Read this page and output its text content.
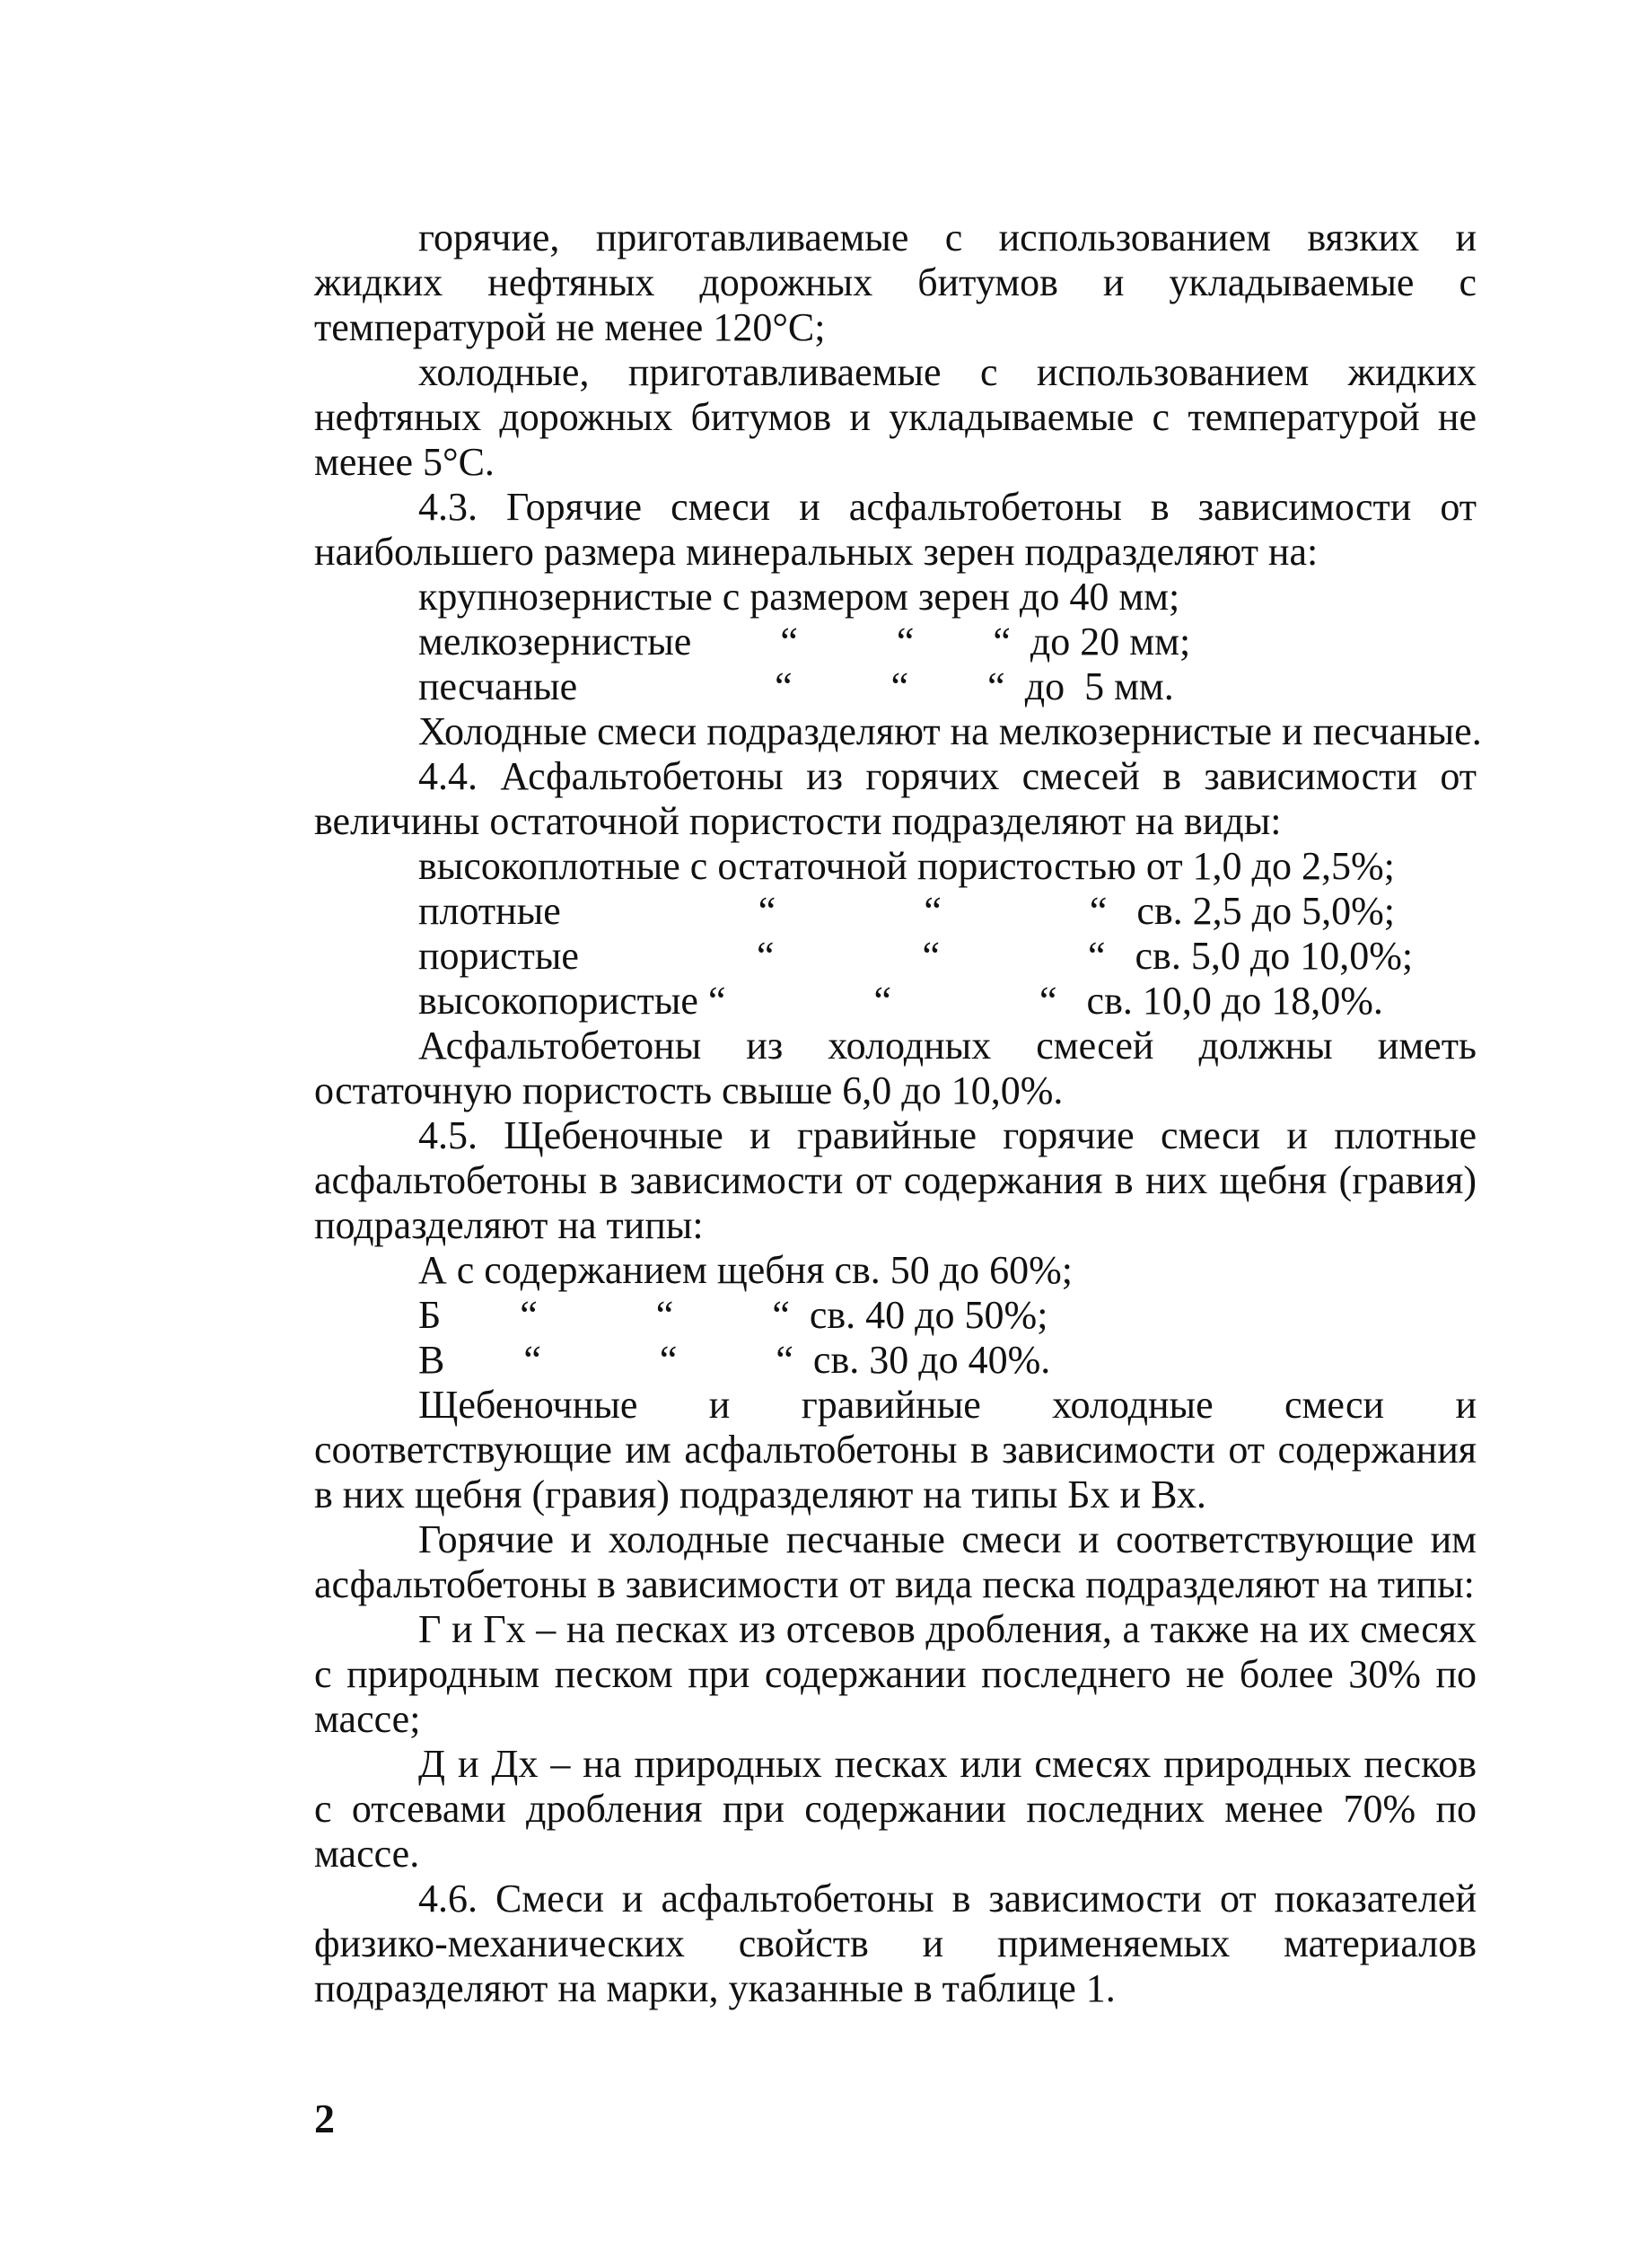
горячие, приготавливаемые с использованием вязких и жидких нефтяных дорожных битумов и укладываемые с температурой не менее 120°С;

холодные, приготавливаемые с использованием жидких нефтяных дорожных битумов и укладываемые с температурой не менее 5°С.

4.3. Горячие смеси и асфальтобетоны в зависимости от наибольшего размера минеральных зерен подразделяют на:

крупнозернистые с размером зерен до 40 мм;

мелкозернистые         “          “        “  до 20 мм;

песчаные                    “          “        “  до  5 мм.

Холодные смеси подразделяют на мелкозернистые и песчаные.

4.4. Асфальтобетоны из горячих смесей в зависимости от величины остаточной пористости подразделяют на виды:

высокоплотные с остаточной пористостью от 1,0 до 2,5%;

плотные                    “               “               “   св. 2,5 до 5,0%;

пористые                  “               “               “   св. 5,0 до 10,0%;

высокопористые “               “               “   св. 10,0 до 18,0%.

Асфальтобетоны из холодных смесей должны иметь остаточную пористость свыше 6,0 до 10,0%.

4.5. Щебеночные и гравийные горячие смеси и плотные асфальтобетоны в зависимости от содержания в них щебня (гравия) подразделяют на типы:

А с содержанием щебня св. 50 до 60%;

Б        “            “          “  св. 40 до 50%;

В        “            “          “  св. 30 до 40%.

Щебеночные и гравийные холодные смеси и соответствующие им асфальтобетоны в зависимости от содержания в них щебня (гравия) подразделяют на типы Бх и Вх.

Горячие и холодные песчаные смеси и соответствующие им асфальтобетоны в зависимости от вида песка подразделяют на типы:

Г и Гх – на песках из отсевов дробления, а также на их смесях с природным песком при содержании последнего не более 30% по массе;

Д и Дх – на природных песках или смесях природных песков с отсевами дробления при содержании последних менее 70% по массе.

4.6. Смеси и асфальтобетоны в зависимости от показателей физико-механических свойств и применяемых материалов подразделяют на марки, указанные в таблице 1.

2
